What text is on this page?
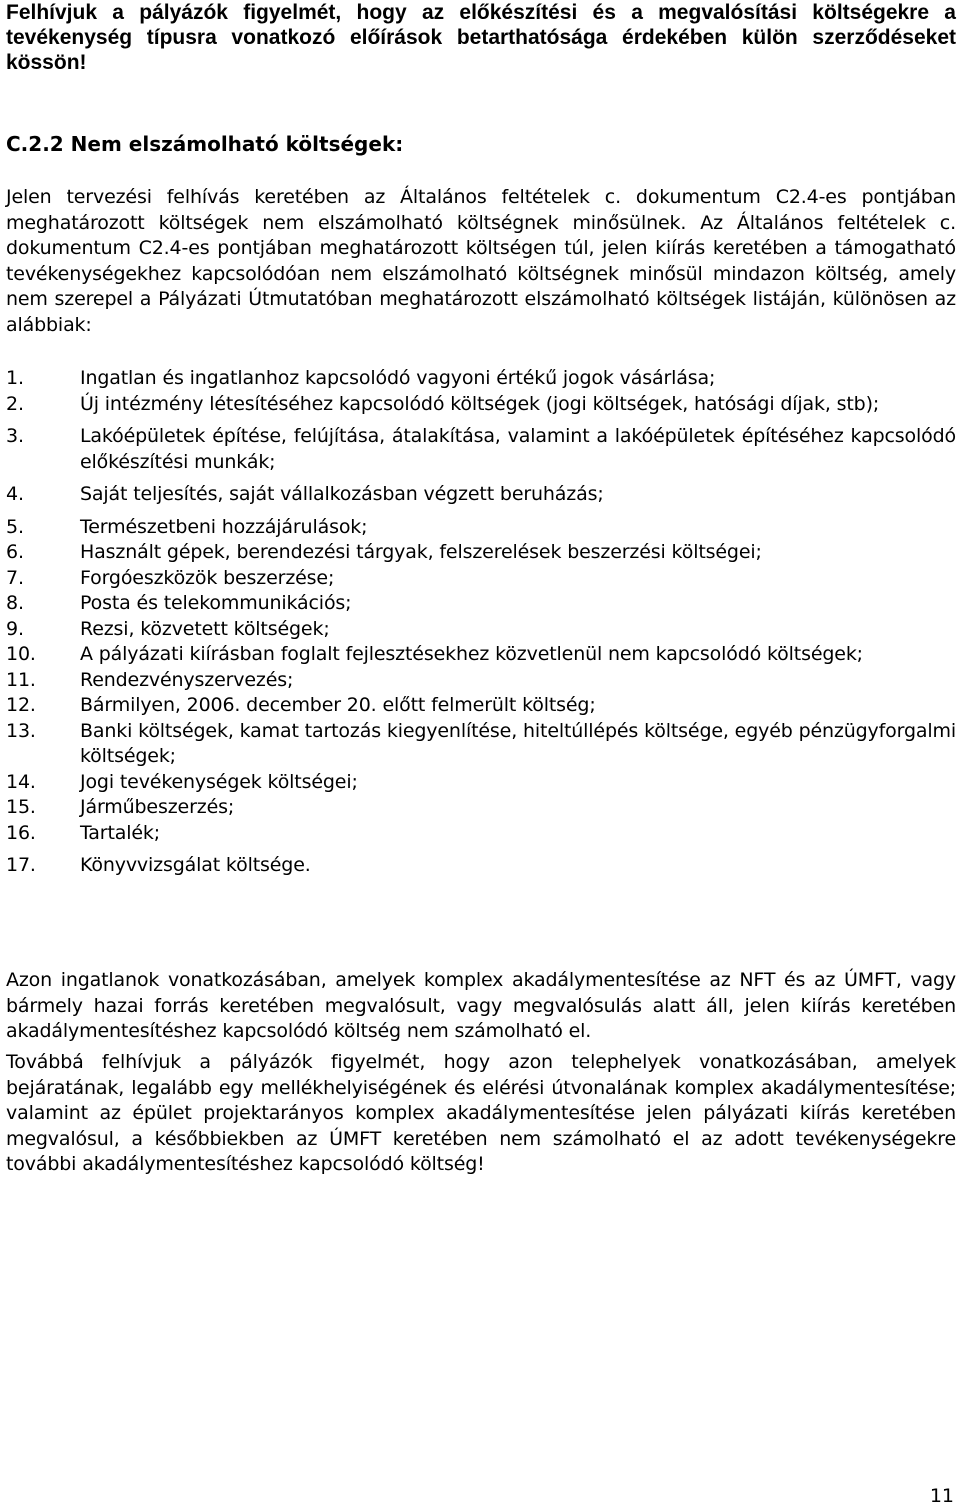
Felhívjuk a pályázók figyelmét, hogy az előkészítési és a megvalósítási költségekre a tevékenység típusra vonatkozó előírások betarthatósága érdekében külön szerződéseket kössön!

C.2.2 Nem elszámolható költségek:

Jelen tervezési felhívás keretében az Általános feltételek c. dokumentum C2.4-es pontjában meghatározott költségek nem elszámolható költségnek minősülnek. Az Általános feltételek c. dokumentum C2.4-es pontjában meghatározott költségen túl, jelen kiírás keretében a támogatható tevékenységekhez kapcsolódóan nem elszámolható költségnek minősül mindazon költség, amely nem szerepel a Pályázati Útmutatóban meghatározott elszámolható költségek listáján, különösen az alábbiak:

1.	Ingatlan és ingatlanhoz kapcsolódó vagyoni értékű jogok vásárlása;
2.	Új intézmény létesítéséhez kapcsolódó költségek (jogi költségek, hatósági díjak, stb);
3.	Lakóépületek építése, felújítása, átalakítása, valamint a lakóépületek építéséhez kapcsolódó előkészítési munkák;
4.	Saját teljesítés, saját vállalkozásban végzett beruházás;
5.	Természetbeni hozzájárulások;
6.	Használt gépek, berendezési tárgyak, felszerelések beszerzési költségei;
7.	Forgóeszközök beszerzése;
8.	Posta és telekommunikációs;
9.	Rezsi, közvetett költségek;
10.	A pályázati kiírásban foglalt fejlesztésekhez közvetlenül nem kapcsolódó költségek;
11.	Rendezvényszervezés;
12.	Bármilyen, 2006. december 20. előtt felmerült költség;
13.	Banki költségek, kamat tartozás kiegyenlítése, hiteltúllépés költsége, egyéb pénzügyforgalmi költségek;
14.	Jogi tevékenységek költségei;
15.	Járműbeszerzés;
16.	Tartalék;
17.	Könyvvizsgálat költsége.

Azon ingatlanok vonatkozásában, amelyek komplex akadálymentesítése az NFT és az ÚMFT, vagy bármely hazai forrás keretében megvalósult, vagy megvalósulás alatt áll, jelen kiírás keretében akadálymentesítéshez kapcsolódó költség nem számolható el.

Továbbá felhívjuk a pályázók figyelmét, hogy azon telephelyek vonatkozásában, amelyek bejáratának, legalább egy mellékhelyiségének és elérési útvonalának komplex akadálymentesítése; valamint az épület projektarányos komplex akadálymentesítése jelen pályázati kiírás keretében megvalósul, a későbbiekben az ÚMFT keretében nem számolható el az adott tevékenységekre további akadálymentesítéshez kapcsolódó költség!

11
